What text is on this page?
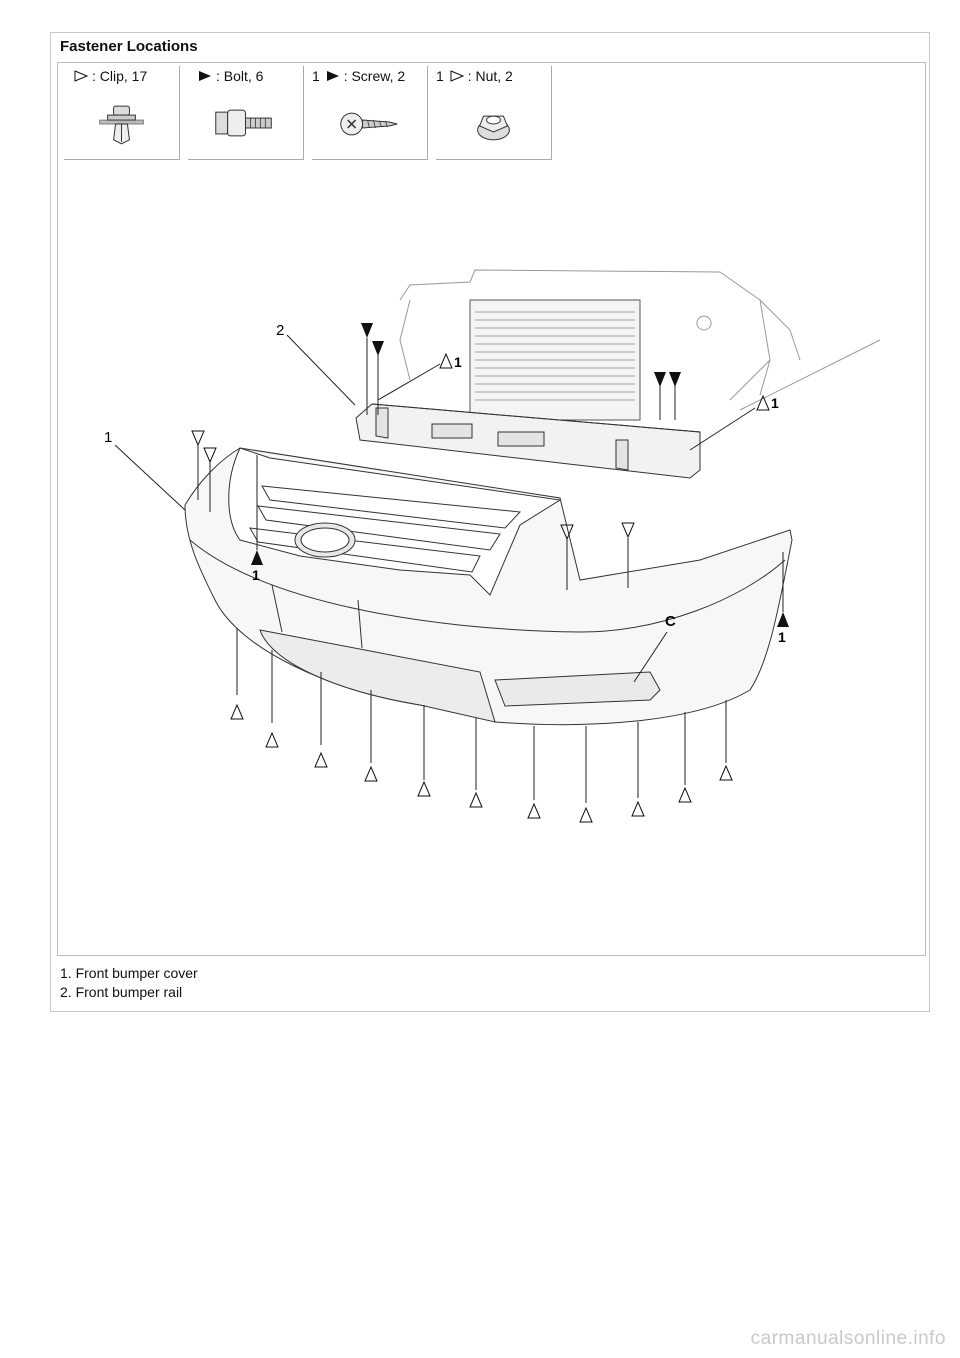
Fastener Locations
: Clip, 17	: Bolt, 6	1 : Screw, 2	1 : Nut, 2
1
2
1
1
1
1
C
1. Front bumper cover
2. Front bumper rail
carmanualsonline.info
